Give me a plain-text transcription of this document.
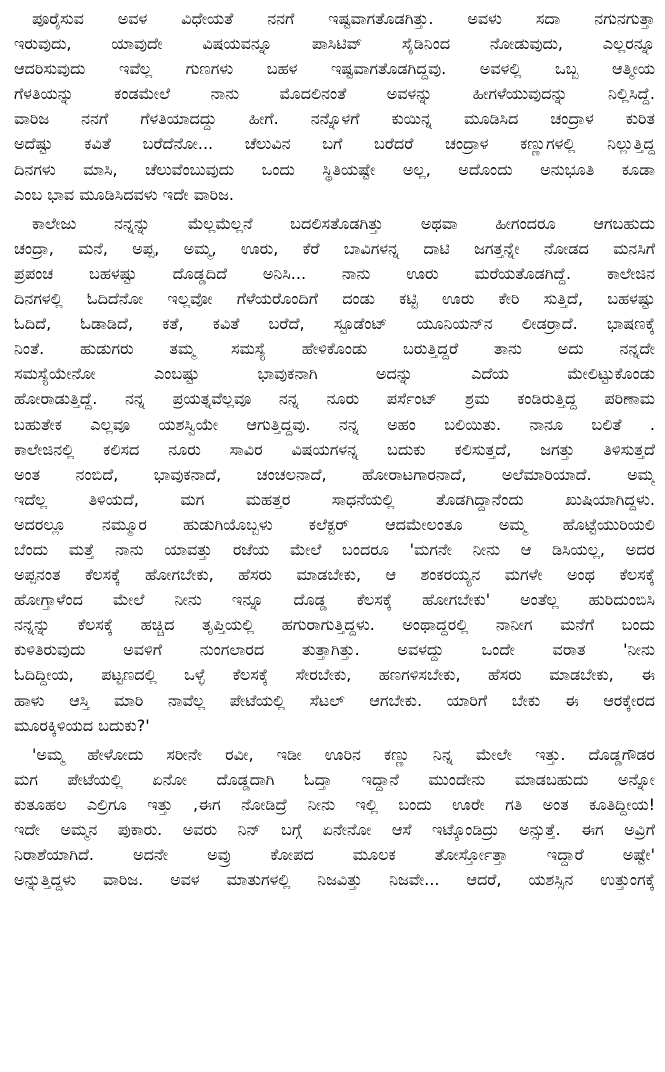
ಪೂರೈಸುವ ಅವಳ ವಿಧೇಯತೆ ನನಗೆ ಇಷ್ಟವಾಗತೊಡಗಿತ್ತು. ಅವಳು ಸದಾ ನಗುನಗುತ್ತಾ
ಇರುವುದು, ಯಾವುದೇ ವಿಷಯವನ್ನೂ ಪಾಸಿಟಿವ್ ಸೈಡಿನಿಂದ ನೋಡುವುದು, ಎಲ್ಲರನ್ನೂ
ಆದರಿಸುವುದು ಇವೆಲ್ಲ ಗುಣಗಳು ಬಹಳ ಇಷ್ಟವಾಗತೊಡಗಿದ್ದವು. ಅವಳಲ್ಲಿ ಒಬ್ಬ ಆತ್ಮೀಯ
ಗೆಳತಿಯನ್ನು ಕಂಡಮೇಲೆ ನಾನು ಮೊದಲಿನಂತೆ ಅವಳನ್ನು ಹೀಗಳೆಯುವುದನ್ನು ನಿಲ್ಲಿಸಿದ್ದೆ.
ವಾರಿಜ ನನಗೆ ಗೆಳತಿಯಾದದ್ದು ಹೀಗೆ. ನನ್ನೊಳಗೆ ಕುಯಿನ್ನ ಮೂಡಿಸಿದ ಚಂದ್ರಾಳ ಕುರಿತ
ಅದೆಷ್ಟು ಕವಿತೆ ಬರೆದೆನೋ... ಚೆಲುವಿನ ಬಗೆ ಬರೆದರೆ ಚಂದ್ರಾಳ ಕಣ್ಣುಗಳಲ್ಲಿ ನಿಲ್ಲುತ್ತಿದ್ದ
ದಿನಗಳು ಮಾಸಿ, ಚೆಲುವೆಂಬುವುದು ಒಂದು ಸ್ಥಿತಿಯಷ್ಟೇ ಅಲ್ಲ, ಅದೊಂದು ಅನುಭೂತಿ ಕೂಡಾ
ಎಂಬ ಭಾವ ಮೂಡಿಸಿದವಳು ಇದೇ ವಾರಿಜ.
ಕಾಲೇಜು ನನ್ನನ್ನು ಮೆಲ್ಲಮೆಲ್ಲನೆ ಬದಲಿಸತೊಡಗಿತ್ತು ಅಥವಾ ಹೀಗಂದರೂ ಆಗಬಹುದು
ಚಂದ್ರಾ, ಮನೆ, ಅಪ್ಪ, ಅಮ್ಮ, ಊರು, ಕೆರೆ ಬಾವಿಗಳನ್ನ ದಾಟಿ ಜಗತ್ತನ್ನೇ ನೋಡದ ಮನಸಿಗೆ
ಪ್ರಪಂಚ ಬಹಳಷ್ಟು ದೊಡ್ಡದಿದೆ ಅನಿಸಿ... ನಾನು ಊರು ಮರೆಯತೊಡಗಿದ್ದೆ. ಕಾಲೇಜಿನ
ದಿನಗಳಲ್ಲಿ ಓದಿದೆನೋ ಇಲ್ಲವೋ ಗೆಳೆಯರೊಂದಿಗೆ ದಂಡು ಕಟ್ಟಿ ಊರು ಕೇರಿ ಸುತ್ತಿದೆ, ಬಹಳಷ್ಟು
ಓದಿದೆ, ಓಡಾಡಿದೆ, ಕತೆ, ಕವಿತೆ ಬರೆದೆ, ಸ್ಟೂಡೆಂಟ್ ಯೂನಿಯನ್‌ನ ಲೀಡರ್ರಾದೆ. ಭಾಷಣಕ್ಕೆ
ನಿಂತೆ. ಹುಡುಗರು ತಮ್ಮ ಸಮಸ್ಯೆ ಹೇಳಿಕೊಂಡು ಬರುತ್ತಿದ್ದರೆ ತಾನು ಅದು ನನ್ನದೇ
ಸಮಸ್ಯೆಯೇನೋ ಎಂಬಷ್ಟು ಭಾವುಕನಾಗಿ ಅದನ್ನು ಎದೆಯ ಮೇಲಿಟ್ಟುಕೊಂಡು
ಹೋರಾಡುತ್ತಿದ್ದೆ. ನನ್ನ ಪ್ರಯತ್ನವೆಲ್ಲವೂ ನನ್ನ ನೂರು ಪರ್ಸೆಂಟ್ ಶ್ರಮ ಕಂಡಿರುತ್ತಿದ್ದ ಪರಿಣಾಮ
ಬಹುತೇಕ ಎಲ್ಲವೂ ಯಶಸ್ವಿಯೇ ಆಗುತ್ತಿದ್ದವು. ನನ್ನ ಅಹಂ ಬಲಿಯಿತು. ನಾನೂ ಬಲಿತೆ .
ಕಾಲೇಜಿನಲ್ಲಿ ಕಲಿಸದ ನೂರು ಸಾವಿರ ವಿಷಯಗಳನ್ನ ಬದುಕು ಕಲಿಸುತ್ತದೆ, ಜಗತ್ತು ತಿಳಿಸುತ್ತದೆ
ಅಂತ ನಂಬಿದೆ, ಭಾವುಕನಾದೆ, ಚಂಚಲನಾದೆ, ಹೋರಾಟಗಾರನಾದೆ, ಅಲೆಮಾರಿಯಾದೆ. ಅಮ್ಮ
ಇದೆಲ್ಲ ತಿಳಿಯದೆ, ಮಗ ಮಹತ್ತರ ಸಾಧನೆಯಲ್ಲಿ ತೊಡಗಿದ್ದಾನೆಂದು ಖುಷಿಯಾಗಿದ್ದಳು.
ಅದರಲ್ಲೂ ನಮ್ಮೂರ ಹುಡುಗಿಯೊಬ್ಬಳು ಕಲೆಕ್ಟರ್ ಆದಮೇಲಂತೂ ಅಮ್ಮ ಹೊಟ್ಟೆಯುರಿಯಲಿ
ಬೆಂದು ಮತ್ತೆ ನಾನು ಯಾವತ್ತು ರಜೆಯ ಮೇಲೆ ಬಂದರೂ 'ಮಗನೇ ನೀನು ಆ ಡಿಸಿಯಲ್ಲ, ಅದರ
ಅಪ್ಪನಂತ ಕೆಲಸಕ್ಕೆ ಹೋಗಬೇಕು, ಹೆಸರು ಮಾಡಬೇಕು, ಆ ಶಂಕರಯ್ಯನ ಮಗಳೇ ಅಂಥ ಕೆಲಸಕ್ಕೆ
ಹೋಗ್ತಾಳೆಂದ ಮೇಲೆ ನೀನು ಇನ್ನೂ ದೊಡ್ಡ ಕೆಲಸಕ್ಕೆ ಹೋಗಬೇಕು' ಅಂತೆಲ್ಲ ಹುರಿದುಂಬಿಸಿ
ನನ್ನನ್ನು ಕೆಲಸಕ್ಕೆ ಹಚ್ಚಿದ ತೃಪ್ತಿಯಲ್ಲಿ ಹಗುರಾಗುತ್ತಿದ್ದಳು. ಅಂಥಾದ್ದರಲ್ಲಿ ನಾನೀಗ ಮನೆಗೆ ಬಂದು
ಕುಳಿತಿರುವುದು ಅವಳಿಗೆ ನುಂಗಲಾರದ ತುತ್ತಾಗಿತ್ತು. ಅವಳದ್ದು ಒಂದೇ ವರಾತ 'ನೀನು
ಓದಿದ್ದೀಯ, ಪಟ್ಟಣದಲ್ಲಿ ಒಳ್ಳೆ ಕೆಲಸಕ್ಕೆ ಸೇರಬೇಕು, ಹಣಗಳಿಸಬೇಕು, ಹೆಸರು ಮಾಡಬೇಕು, ಈ
ಹಾಳು ಆಸ್ತಿ ಮಾರಿ ನಾವೆಲ್ಲ ಪೇಟೆಯಲ್ಲಿ ಸೆಟಲ್ ಆಗಬೇಕು. ಯಾರಿಗೆ ಬೇಕು ಈ ಆರಕ್ಕೇರದ
ಮೂರಕ್ಕಿಳಿಯದ ಬದುಕು?'
'ಅಮ್ಮ ಹೇಳೋದು ಸರೀನೇ ರವೀ, ಇಡೀ ಊರಿನ ಕಣ್ಣು ನಿನ್ನ ಮೇಲೇ ಇತ್ತು. ದೊಡ್ಡಗೌಡರ
ಮಗ ಪೇಟೆಯಲ್ಲಿ ಏನೋ ದೊಡ್ಡದಾಗಿ ಓದ್ತಾ ಇದ್ದಾನೆ ಮುಂದೇನು ಮಾಡಬಹುದು ಅನ್ನೋ
ಕುತೂಹಲ ಎಲ್ರಿಗೂ ಇತ್ತು ,ಈಗ ನೋಡಿದ್ರೆ ನೀನು ಇಲ್ಲಿ ಬಂದು ಊರೇ ಗತಿ ಅಂತ ಕೂತಿದ್ದೀಯ!
ಇದೇ ಅಮ್ಮನ ಪುಕಾರು. ಅವರು ನಿನ್ ಬಗ್ಗೆ ಏನೇನೋ ಆಸೆ ಇಟ್ಕೊಂಡಿದ್ರು ಅನ್ಸುತ್ತೆ. ಈಗ ಅವ್ರಿಗೆ
ನಿರಾಶೆಯಾಗಿದೆ. ಅದನೇ ಅವ್ರು ಕೋಪದ ಮೂಲಕ ತೋರ್ಸ್ತೋತ್ತಾ ಇದ್ದಾರೆ ಅಷ್ಟೇ'
ಅನ್ನುತ್ತಿದ್ದಳು ವಾರಿಜ. ಅವಳ ಮಾತುಗಳಲ್ಲಿ ನಿಜವಿತ್ತು ನಿಜವೇ... ಆದರೆ, ಯಶಸ್ಸಿನ ಉತ್ತುಂಗಕ್ಕೆ
